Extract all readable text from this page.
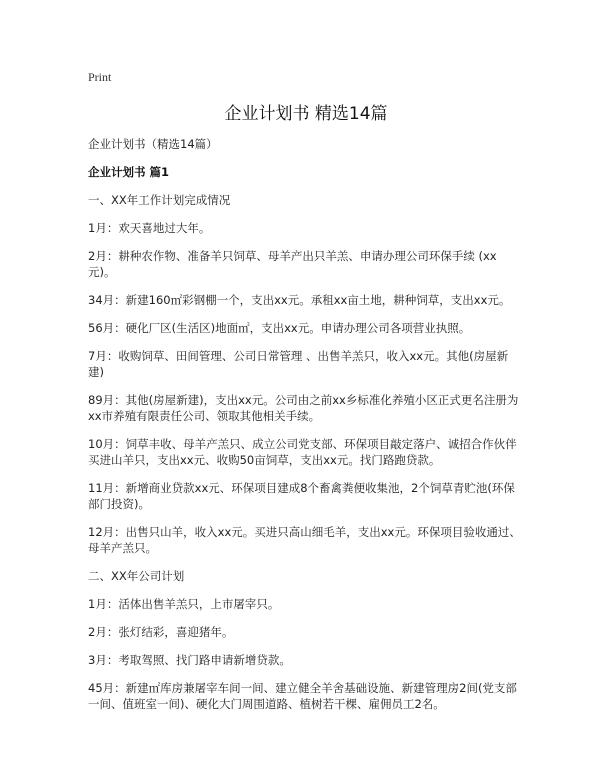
Print
企业计划书 精选14篇

企业计划书（精选14篇）

企业计划书 篇1

一、XX年工作计划完成情况

1月：欢天喜地过大年。

2月：耕种农作物、准备羊只饲草、母羊产出只羊羔、申请办理公司环保手续 (xx元)。

34月：新建160㎡彩钢棚一个，支出xx元。承租xx亩土地，耕种饲草，支出xx元。

56月：硬化厂区(生活区)地面㎡，支出xx元。申请办理公司各项营业执照。

7月：收购饲草、田间管理、公司日常管理 、出售羊羔只，收入xx元。其他(房屋新建)

89月：其他(房屋新建)，支出xx元。公司由之前xx乡标准化养殖小区正式更名注册为xx市养殖有限责任公司、领取其他相关手续。

10月：饲草丰收、母羊产羔只、成立公司党支部、环保项目敲定落户、诚招合作伙伴买进山羊只，支出xx元、收购50亩饲草，支出xx元。找门路跑贷款。

11月：新增商业贷款xx元、环保项目建成8个畜禽粪便收集池，2个饲草青贮池(环保部门投资)。

12月：出售只山羊，收入xx元。买进只高山细毛羊，支出xx元。环保项目验收通过、母羊产羔只。

二、XX年公司计划

1月：活体出售羊羔只，上市屠宰只。

2月：张灯结彩，喜迎猪年。

3月：考取驾照、找门路申请新增贷款。

45月：新建㎡库房兼屠宰车间一间、建立健全羊舍基础设施、新建管理房2间(党支部一间、值班室一间)、硬化大门周围道路、植树若干棵、雇佣员工2名。
